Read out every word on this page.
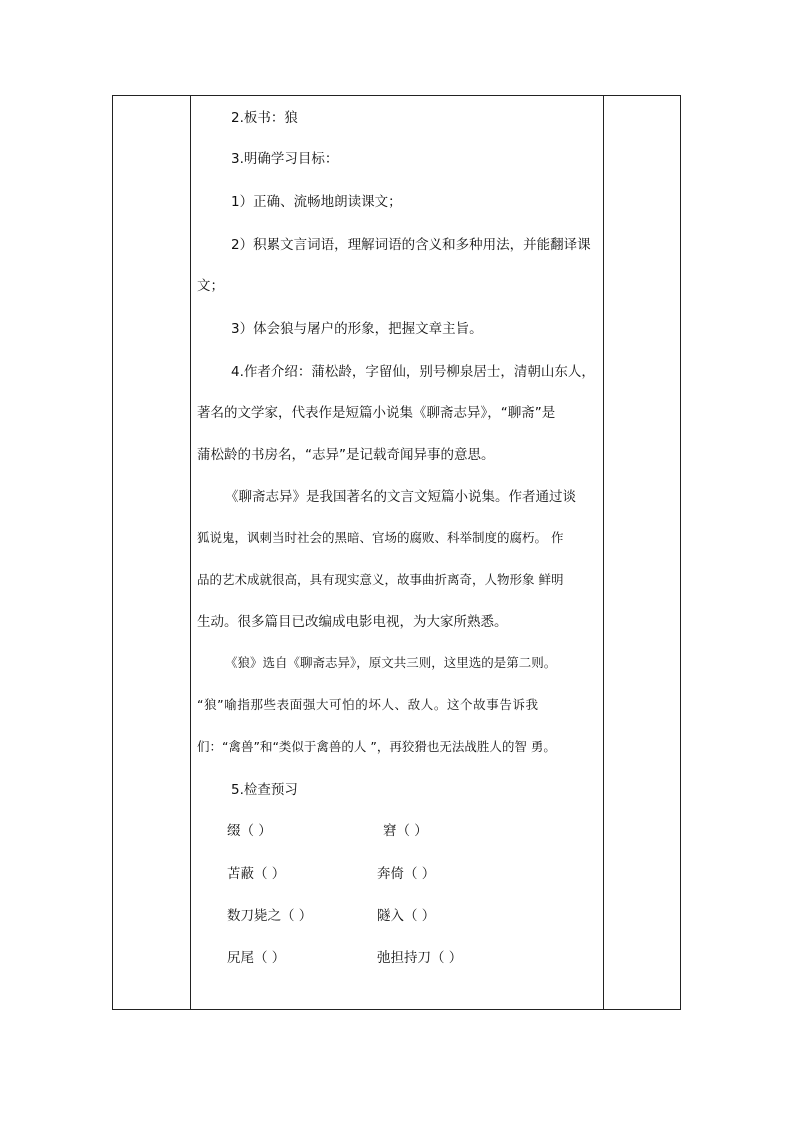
2.板书：狼
3.明确学习目标：
1）正确、流畅地朗读课文；
2）积累文言词语，理解词语的含义和多种用法，并能翻译课
文；
3）体会狼与屠户的形象，把握文章主旨。
4.作者介绍：蒲松龄，字留仙，别号柳泉居士，清朝山东人，
著名的文学家，代表作是短篇小说集《聊斋志异》，“聊斋”是
蒲松龄的书房名，“志异”是记载奇闻异事的意思。
《聊斋志异》是我国著名的文言文短篇小说集。作者通过谈
狐说鬼，讽刺当时社会的黑暗、官场的腐败、科举制度的腐朽。 作
品的艺术成就很高，具有现实意义，故事曲折离奇，人物形象 鲜明
生动。很多篇目已改编成电影电视，为大家所熟悉。
《狼》选自《聊斋志异》，原文共三则，这里选的是第二则。
“狼”喻指那些表面强大可怕的坏人、敌人。这个故事告诉我
们：“禽兽”和“类似于禽兽的人 ”，再狡猾也无法战胜人的智 勇。
5.检查预习
缀（ ）	窘（ ）
苫蔽（ ）	奔倚（ ）
数刀毙之（ ）	隧入（ ）
尻尾（ ）	弛担持刀（ ）
